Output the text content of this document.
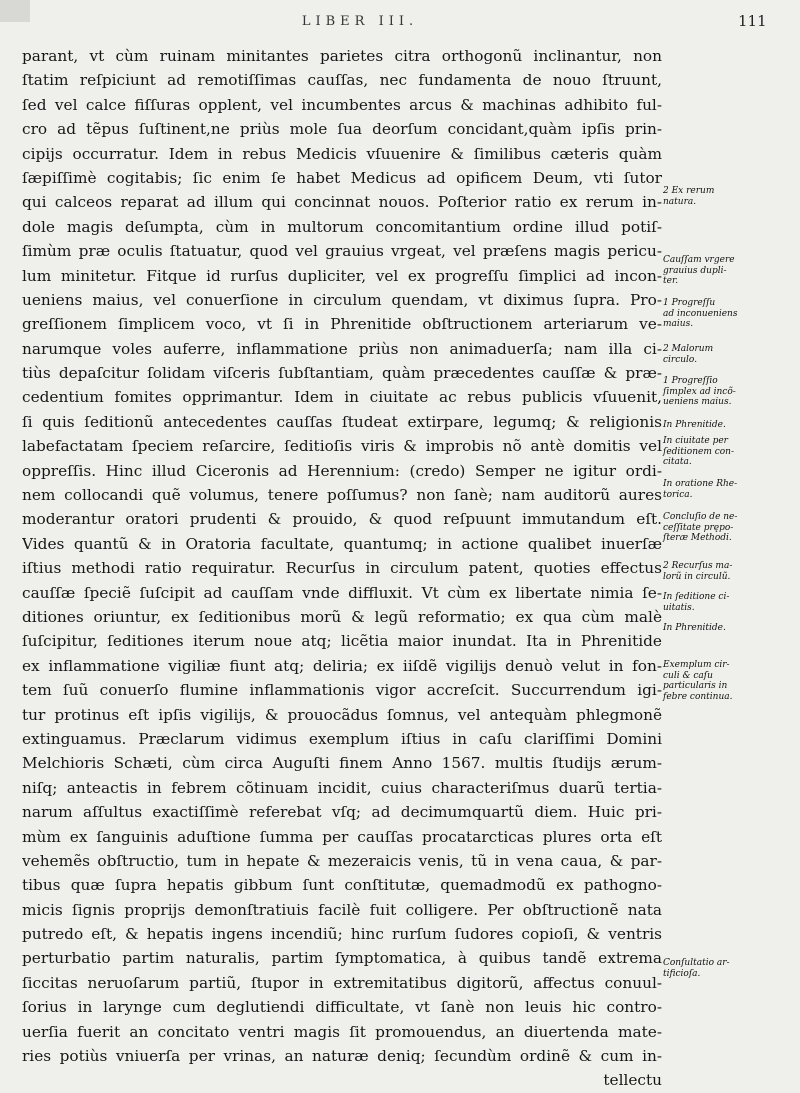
LIBER III.	111
parant, vt cùm ruinam minitantes parietes citra orthogonũ inclinantur, non
ſtatim reſpiciunt ad remotiſſimas cauſſas, nec fundamenta de nouo ſtruunt,
ſed vel calce fiſſuras opplent, vel incumbentes arcus & machinas adhibito ful-
cro ad tẽpus ſuſtinent,ne priùs mole ſua deorſum concidant,quàm ipſis prin-
cipijs occurratur. Idem in rebus Medicis vſuuenire & ſimilibus cæteris quàm
ſæpiſſimè cogitabis; ſic enim ſe habet Medicus ad opificem Deum, vti ſutor
qui calceos reparat ad illum qui concinnat nouos. Poſterior ratio ex rerum in-
dole magis deſumpta, cùm in multorum concomitantium ordine illud potiſ-
ſimùm præ oculis ſtatuatur, quod vel grauius vrgeat, vel præſens magis pericu-
lum minitetur. Fitque id rurſus dupliciter, vel ex progreſſu ſimplici ad incon-
ueniens maius, vel conuerſione in circulum quendam, vt diximus ſupra. Pro-
greſſionem ſimplicem voco, vt ſi in Phrenitide obſtructionem arteriarum ve-
narumque voles auferre, inflammatione priùs non animaduerſa; nam illa ci-
tiùs depaſcitur ſolidam viſceris ſubſtantiam, quàm præcedentes cauſſæ & præ-
cedentium fomites opprimantur. Idem in ciuitate ac rebus publicis vſuuenit,
ſi quis ſeditionũ antecedentes cauſſas ſtudeat extirpare, legumq; & religionis
labefactatam ſpeciem reſarcire, ſeditioſis viris & improbis nõ antè domitis vel
oppreſſis. Hinc illud Ciceronis ad Herennium: (credo) Semper ne igitur ordi-
nem collocandi quẽ volumus, tenere poſſumus? non ſanè; nam auditorũ aures
moderantur oratori prudenti & prouido, & quod reſpuunt immutandum eſt.
Vides quantũ & in Oratoria facultate, quantumq; in actione qualibet inuerſæ
iſtius methodi ratio requiratur. Recurſus in circulum patent, quoties effectus
cauſſæ ſpeciẽ ſuſcipit ad cauſſam vnde diffluxit. Vt cùm ex libertate nimia ſe-
ditiones oriuntur, ex ſeditionibus morũ & legũ reformatio; ex qua cùm malè
ſuſcipitur, ſeditiones iterum noue atq; licẽtia maior inundat. Ita in Phrenitide
ex inflammatione vigiliæ fiunt atq; deliria; ex iiſdẽ vigilijs denuò velut in fon-
tem ſuũ conuerſo flumine inflammationis vigor accreſcit. Succurrendum igi-
tur protinus eſt ipſis vigilijs, & prouocãdus ſomnus, vel antequàm phlegmonẽ
extinguamus. Præclarum vidimus exemplum iſtius in caſu clariſſimi Domini
Melchioris Schæti, cùm circa Auguſti finem Anno 1567. multis ſtudijs ærum-
niſq; anteactis in febrem cõtinuam incidit, cuius characteriſmus duarũ tertia-
narum aſſultus exactiſſimè referebat vſq; ad decimumquartũ diem. Huic pri-
mùm ex ſanguinis aduſtione ſumma per cauſſas procatarcticas plures orta eſt
vehemẽs obſtructio, tum in hepate & mezeraicis venis, tũ in vena caua, & par-
tibus quæ ſupra hepatis gibbum ſunt conſtitutæ, quemadmodũ ex pathogno-
micis ſignis proprijs demonſtratiuis facilè fuit colligere. Per obſtructionẽ nata
putredo eſt, & hepatis ingens incendiũ; hinc rurſum ſudores copioſi, & ventris
perturbatio partim naturalis, partim ſymptomatica, à quibus tandẽ extrema
ſiccitas neruoſarum partiũ, ſtupor in extremitatibus digitorũ, affectus conuul-
ſorius in larynge cum deglutiendi difficultate, vt ſanè non leuis hic contro-
uerſia fuerit an concitato ventri magis ſit promouendus, an diuertenda mate-
ries potiùs vniuerſa per vrinas, an naturæ deniq; ſecundùm ordinẽ & cum in-
tellectu
2 Ex rerum
natura.
Cauſſam vrgere
grauius dupli-
ter.
1 Progreſſu
ad inconueniens
maius.
2 Malorum
circulo.
1 Progreſſio
ſimplex ad incõ-
ueniens maius.
In Phrenitide.
In ciuitate per
ſeditionem con-
citata.
In oratione Rhe-
torica.
Concluſio de ne-
ceſſitate prępo-
ſteræ Methodi.
2 Recurſus ma-
lorũ in circulũ.
In ſeditione ci-
uitatis.
In Phrenitide.
Exemplum cir-
culi & caſu
particularis in
febre continua.
Conſultatio ar-
tificioſa.
